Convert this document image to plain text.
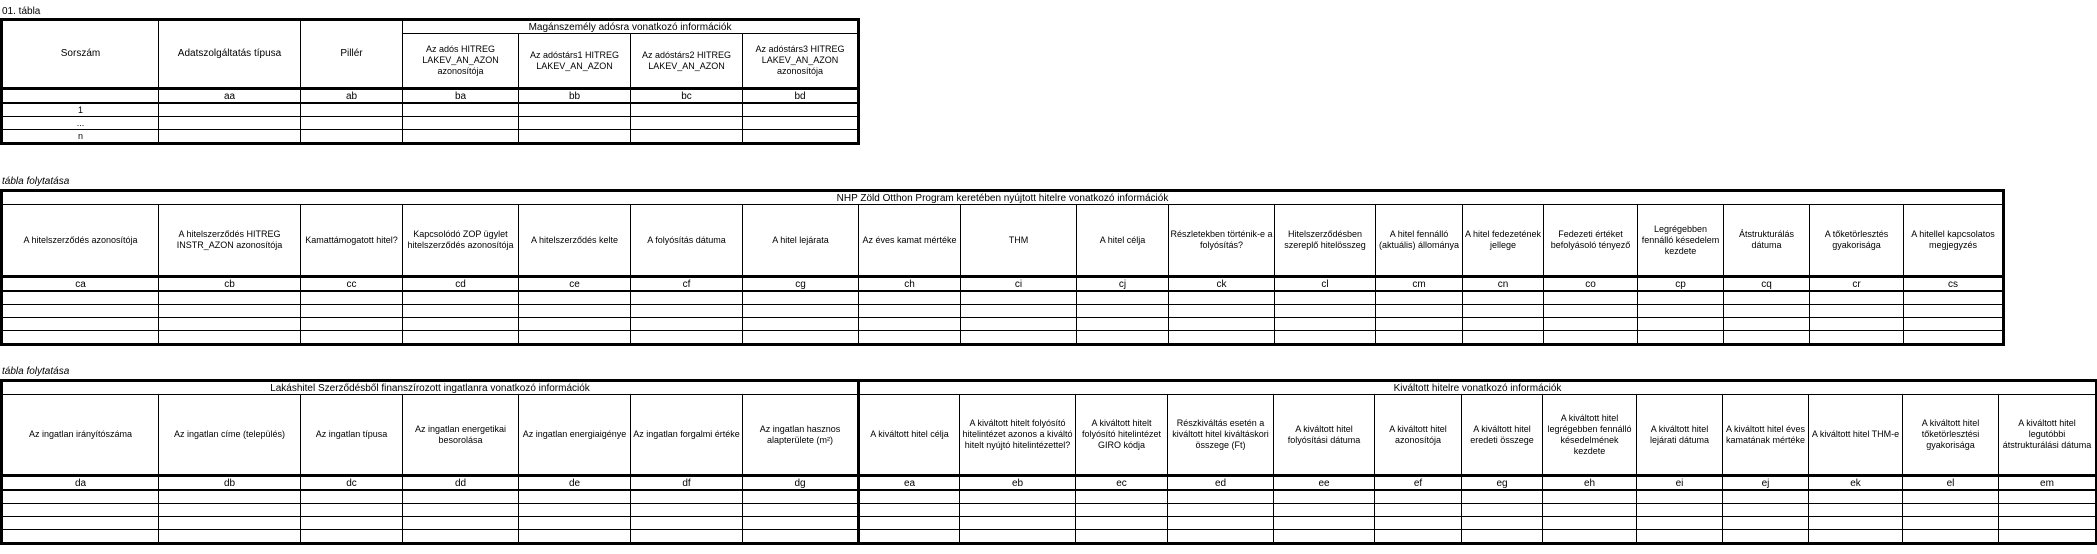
01. tábla
Sorszám	Adatszolgáltatás típusa	Pillér	Magánszemély adósra vonatkozó információk			
			Az adós HITREG LAKEV_AN_AZON azonosítója	Az adóstárs1 HITREG LAKEV_AN_AZON	Az adóstárs2 HITREG LAKEV_AN_AZON	Az adóstárs3 HITREG LAKEV_AN_AZON azonosítója
	aa	ab	ba	bb	bc	bd
1						
...						
n						
tábla folytatása
NHP Zöld Otthon Program keretében nyújtott hitelre vonatkozó információk																		
A hitelszerződés azonosítója	A hitelszerződés HITREG INSTR_AZON azonosítója	Kamattámogatott hitel?	Kapcsolódó ZOP ügylet hitelszerződés azonosítója	A hitelszerződés kelte	A folyósítás dátuma	A hitel lejárata	Az éves kamat mértéke	THM	A hitel célja	Részletekben történik-e a folyósítás?	Hitelszerződésben szereplő hitelösszeg	A hitel fennálló (aktuális) állománya	A hitel fedezetének jellege	Fedezeti értéket befolyásoló tényező	Legrégebben fennálló késedelem kezdete	Átstrukturálás dátuma	A tőketörlesztés gyakorisága	A hitellel kapcsolatos megjegyzés
ca	cb	cc	cd	ce	cf	cg	ch	ci	cj	ck	cl	cm	cn	co	cp	cq	cr	cs

tábla folytatása
Lakáshitel Szerződésből finanszírozott ingatlanra vonatkozó információk							Kiváltott hitelre vonatkozó információk												
Az ingatlan irányítószáma	Az ingatlan címe (település)	Az ingatlan típusa	Az ingatlan energetikai besorolása	Az ingatlan energiaigénye	Az ingatlan forgalmi értéke	Az ingatlan hasznos alapterülete (m²)	A kiváltott hitel célja	A kiváltott hitelt folyósító hitelintézet azonos a kiváltó hitelt nyújtó hitelintézettel?	A kiváltott hitelt folyósító hitelintézet GIRO kódja	Részkiváltás esetén a kiváltott hitel kiváltáskori összege (Ft)	A kiváltott hitel folyósítási dátuma	A kiváltott hitel azonosítója	A kiváltott hitel eredeti összege	A kiváltott hitel legrégebben fennálló késedelmének kezdete	A kiváltott hitel lejárati dátuma	A kiváltott hitel éves kamatának mértéke	A kiváltott hitel THM-e	A kiváltott hitel tőketörlesztési gyakorisága	A kiváltott hitel legutóbbi átstrukturálási dátuma
da	db	dc	dd	de	df	dg	ea	eb	ec	ed	ee	ef	eg	eh	ei	ej	ek	el	em
